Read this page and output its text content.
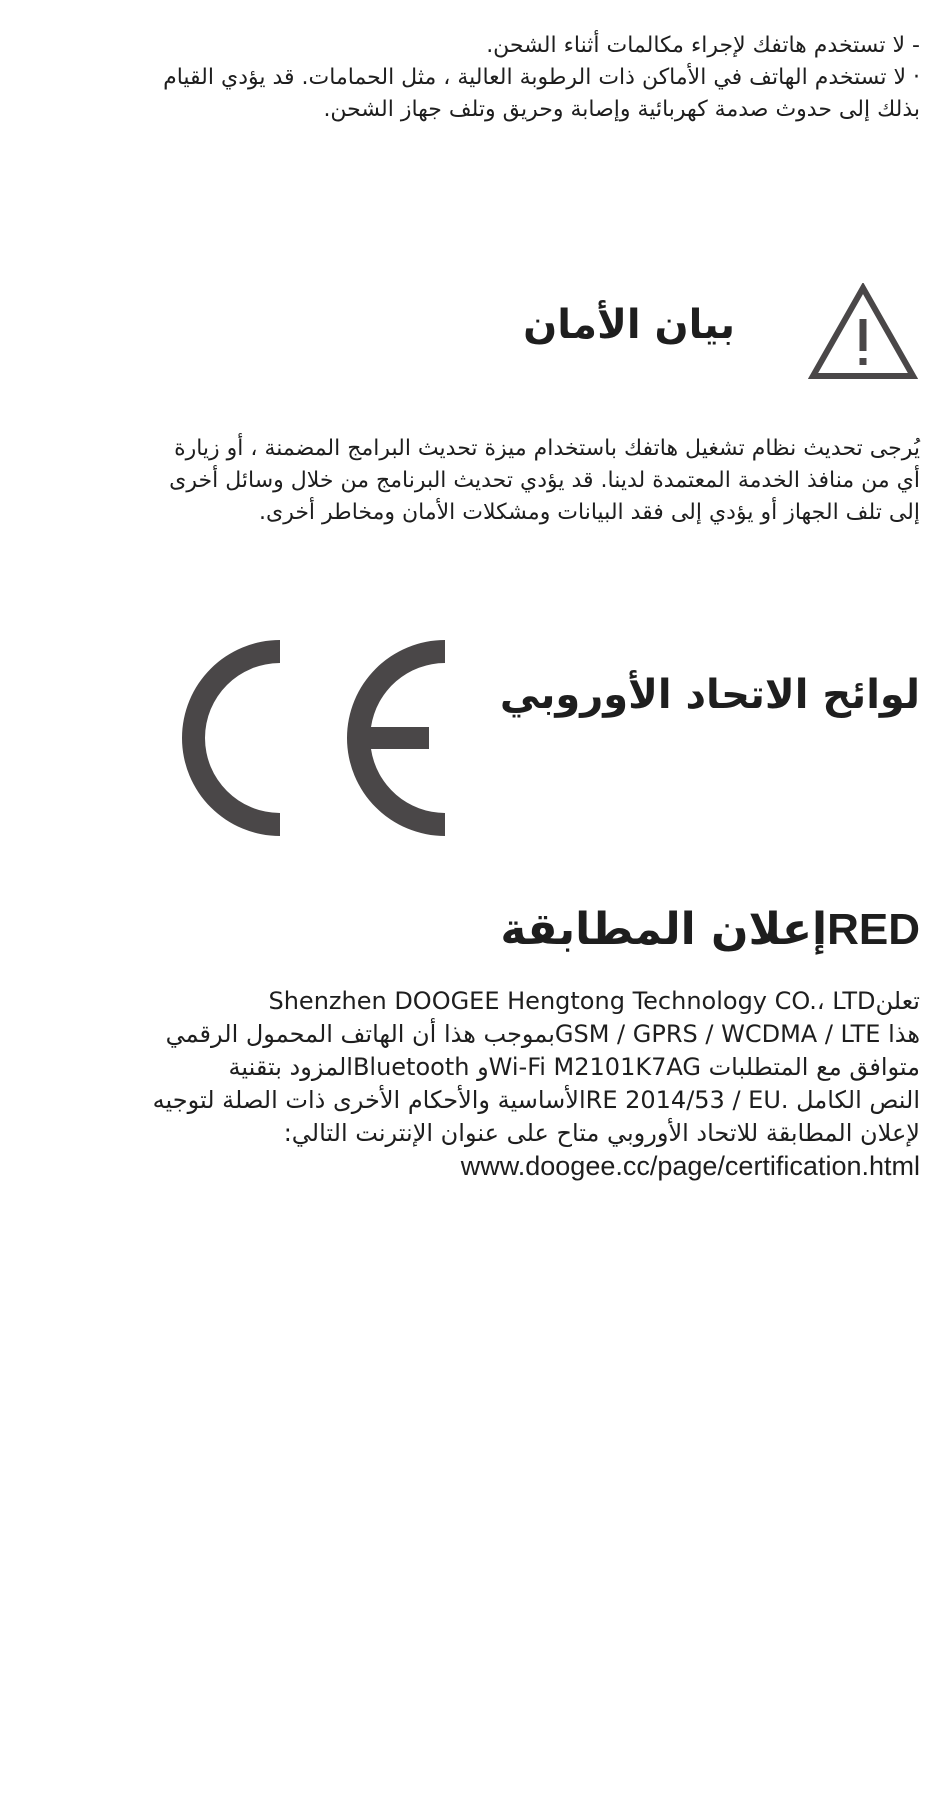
- لا تستخدم هاتفك لإجراء مكالمات أثناء الشحن.
· لا تستخدم الهاتف في الأماكن ذات الرطوبة العالية ، مثل الحمامات. قد يؤدي القيام
بذلك إلى حدوث صدمة كهربائية وإصابة وحريق وتلف جهاز الشحن.
بيان الأمان
يُرجى تحديث نظام تشغيل هاتفك باستخدام ميزة تحديث البرامج المضمنة ، أو زيارة
أي من منافذ الخدمة المعتمدة لدينا. قد يؤدي تحديث البرنامج من خلال وسائل أخرى
إلى تلف الجهاز أو يؤدي إلى فقد البيانات ومشكلات الأمان ومخاطر أخرى.
لوائح الاتحاد الأوروبي
REDإعلان المطابقة
تعلنShenzhen DOOGEE Hengtong Technology CO.، LTD
هذا GSM / GPRS / WCDMA / LTEبموجب هذا أن الهاتف المحمول الرقمي
متوافق مع المتطلبات Wi-Fi M2101K7AGو Bluetoothالمزود بتقنية
النص الكامل .RE 2014/53 / EUالأساسية والأحكام الأخرى ذات الصلة لتوجيه
لإعلان المطابقة للاتحاد الأوروبي متاح على عنوان الإنترنت التالي:
www.doogee.cc/page/certification.html
